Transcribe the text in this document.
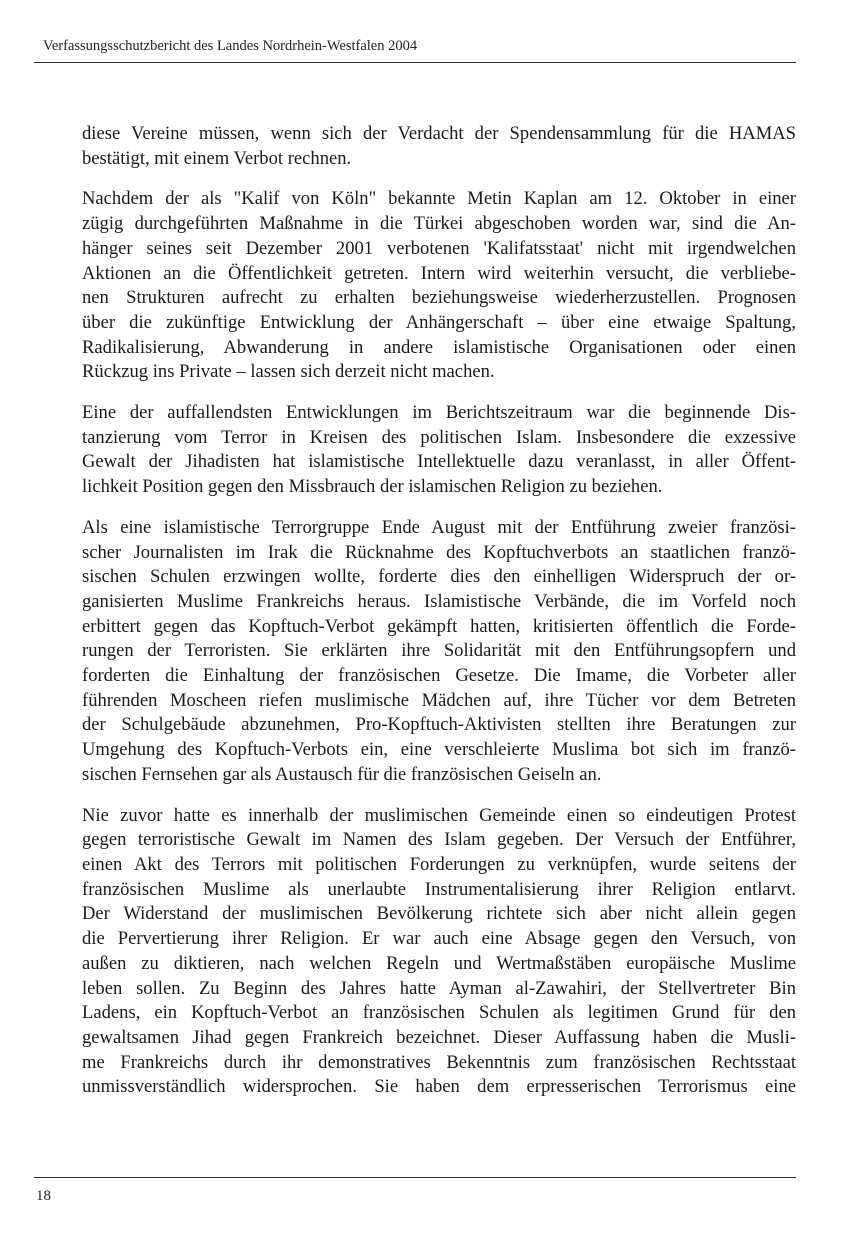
Verfassungsschutzbericht des Landes Nordrhein-Westfalen 2004

diese Vereine müssen, wenn sich der Verdacht der Spendensammlung für die HAMAS
bestätigt, mit einem Verbot rechnen.

Nachdem der als "Kalif von Köln" bekannte Metin Kaplan am 12. Oktober in einer
zügig durchgeführten Maßnahme in die Türkei abgeschoben worden war, sind die An-
hänger seines seit Dezember 2001 verbotenen 'Kalifatsstaat' nicht mit irgendwelchen
Aktionen an die Öffentlichkeit getreten. Intern wird weiterhin versucht, die verbliebe-
nen Strukturen aufrecht zu erhalten beziehungsweise wiederherzustellen. Prognosen
über die zukünftige Entwicklung der Anhängerschaft – über eine etwaige Spaltung,
Radikalisierung, Abwanderung in andere islamistische Organisationen oder einen
Rückzug ins Private – lassen sich derzeit nicht machen.

Eine der auffallendsten Entwicklungen im Berichtszeitraum war die beginnende Dis-
tanzierung vom Terror in Kreisen des politischen Islam. Insbesondere die exzessive
Gewalt der Jihadisten hat islamistische Intellektuelle dazu veranlasst, in aller Öffent-
lichkeit Position gegen den Missbrauch der islamischen Religion zu beziehen.

Als eine islamistische Terrorgruppe Ende August mit der Entführung zweier französi-
scher Journalisten im Irak die Rücknahme des Kopftuchverbots an staatlichen franzö-
sischen Schulen erzwingen wollte, forderte dies den einhelligen Widerspruch der or-
ganisierten Muslime Frankreichs heraus. Islamistische Verbände, die im Vorfeld noch
erbittert gegen das Kopftuch-Verbot gekämpft hatten, kritisierten öffentlich die Forde-
rungen der Terroristen. Sie erklärten ihre Solidarität mit den Entführungsopfern und
forderten die Einhaltung der französischen Gesetze. Die Imame, die Vorbeter aller
führenden Moscheen riefen muslimische Mädchen auf, ihre Tücher vor dem Betreten
der Schulgebäude abzunehmen, Pro-Kopftuch-Aktivisten stellten ihre Beratungen zur
Umgehung des Kopftuch-Verbots ein, eine verschleierte Muslima bot sich im franzö-
sischen Fernsehen gar als Austausch für die französischen Geiseln an.

Nie zuvor hatte es innerhalb der muslimischen Gemeinde einen so eindeutigen Protest
gegen terroristische Gewalt im Namen des Islam gegeben. Der Versuch der Entführer,
einen Akt des Terrors mit politischen Forderungen zu verknüpfen, wurde seitens der
französischen Muslime als unerlaubte Instrumentalisierung ihrer Religion entlarvt.
Der Widerstand der muslimischen Bevölkerung richtete sich aber nicht allein gegen
die Pervertierung ihrer Religion. Er war auch eine Absage gegen den Versuch, von
außen zu diktieren, nach welchen Regeln und Wertmaßstäben europäische Muslime
leben sollen. Zu Beginn des Jahres hatte Ayman al-Zawahiri, der Stellvertreter Bin
Ladens, ein Kopftuch-Verbot an französischen Schulen als legitimen Grund für den
gewaltsamen Jihad gegen Frankreich bezeichnet. Dieser Auffassung haben die Musli-
me Frankreichs durch ihr demonstratives Bekenntnis zum französischen Rechtsstaat
unmissverständlich widersprochen. Sie haben dem erpresserischen Terrorismus eine

18
